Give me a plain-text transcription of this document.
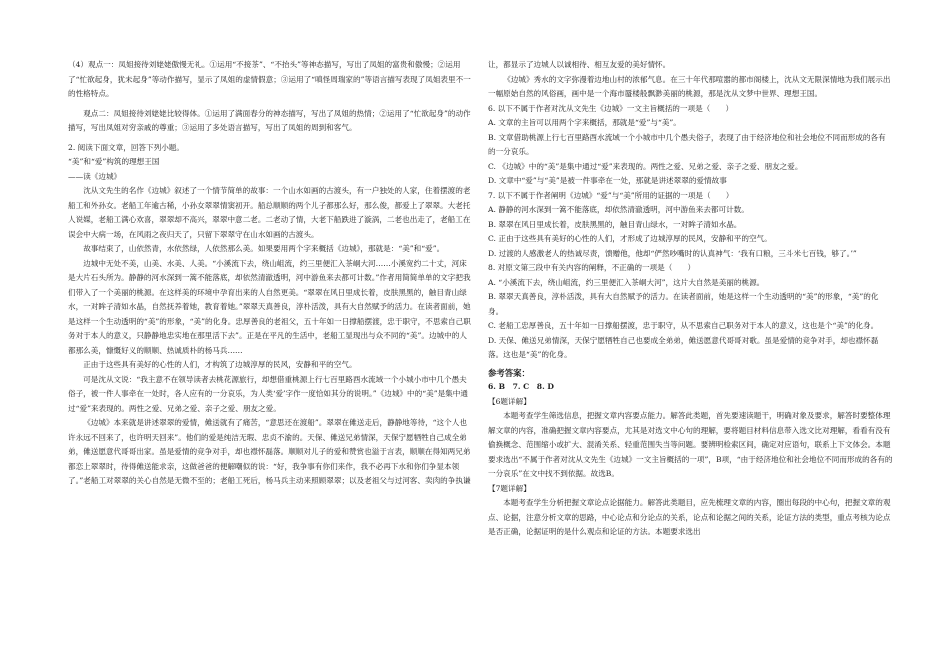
（4）观点一：凤姐接待刘姥姥傲慢无礼。①运用“不接茶”、“不抬头”等神态描写，写出了凤姐的富贵和傲慢；②运用了“忙欲起身，犹未起身”等动作描写，显示了凤姐的虚情假意；③运用了“嗔怪周瑞家的”等语言描写表现了凤姐表里不一的性格特点。

观点二：凤姐接待刘姥姥比较得体。①运用了满面春分的神态描写，写出了凤姐的热情；②运用了“忙欲起身”的动作描写，写出凤姐对穷亲戚的尊重；③运用了多处语言描写，写出了凤姐的周到和客气。

2. 阅读下面文章，回答下列小题。

“美”和“爱”构筑的理想王国

——读《边城》

沈从文先生的名作《边城》叙述了一个情节简单的故事：一个山水如画的古渡头，有一户独处的人家，住着摆渡的老船工和外孙女。老船工年逾古稀，小孙女翠翠情窦初开。船总顺顺的两个儿子都那么好，那么俊，都爱上了翠翠。大老托人说媒，老船工满心欢喜，翠翠却不高兴，翠翠中意二老。二老动了情，大老下船跌进了漩涡，二老也出走了，老船工在误会中大病一场，在风雨之夜归天了，只留下翠翠守在山水如画的古渡头。

故事结束了，山依然青，水依然绿，人依然那么美。如果要用两个字来概括《边城》，那就是：“美”和“爱”。

边城中无处不美，山美、水美、人美。“小溪流下去，绕山岨流，约三里便汇入茶峒大河……小溪宽约二十丈，河床是大片石头所为。静静的河水深到一篙不能落底，却依然清澈透明，河中游鱼来去都可计数。”作者用简简单单的文字把我们带入了一个美丽的桃源。在这样美的环境中孕育出来的人自然更美。“翠翠在风日里成长着，皮肤黑黑的，触目青山绿水，一对眸子清如水晶，自然抚养着她，教育着她。”翠翠天真善良，淳朴活泼，具有大自然赋予的活力。在读者面前，她是这样一个生动透明的“美”的形象，“美”的化身。忠厚善良的老祖父，五十年如一日撑船摆渡，忠于职守，不思索自己职务对于本人的意义，只静静地忠实地在那里活下去”。正是在平凡的生活中，老船工显现出与众不同的“美”。边城中的人都那么美，慷慨好义的顺顺、热诚质朴的杨马兵……

正由于这些具有美好的心性的人们，才构筑了边城淳厚的民风，安静和平的空气。

可是沈从文说：“我主意不在领导读者去桃花源旅行，却想借重桃源上行七百里路酉水流域一个小城小市中几个愚夫俗子，被一件人事牵在一处时，各人应有的一分哀乐，为人类‘爱’字作一度恰如其分的说明。”《边城》中的“美”是集中通过“爱”来表现的。两性之爱、兄弟之爱、亲子之爱、朋友之爱。

《边城》本来就是讲述翠翠的爱情，傩送就有了痛苦，“意思还在渡船”。翠翠在傩送走后，静静地等待，“这个人也许永远不回来了，也许明天回来”。他们的爱是纯洁无瑕、忠贞不渝的。天保、傩送兄弟情深，天保宁愿牺牲自己成全弟弟，傩送愿意代哥哥出家。虽是爱情的竞争对手，却也襟怀磊落。顺顺对儿子的爱和赞赏也溢于言表，顺顺在得知两兄弟都恋上翠翠时，待得傩送能求亲，这做爸爸的便解嘲似的说：“好，我争事有你们来作，我不必再下水和你们争显本领了。”老船工对翠翠的关心自然是无微不至的；老船工死后，杨马兵主动来照顾翠翠；以及老祖父与过河客、卖肉的争执谦

让，都显示了边城人以诚相待、相互友爱的美好情怀。

《边城》秀水的文字弥漫着边地山村的浓郁气息。在三十年代那喧嚣的都市阁楼上，沈从文无限深情地为我们展示出一幅原始自然的风俗画，画中是一个海市蜃楼般飘渺美丽的桃源，那是沈从文梦中世界、理想王国。

6. 以下不属于作者对沈从文先生《边城》一文主旨概括的一项是（　　）

A. 文章的主旨可以用两个字来概括，那就是“爱”与“美”。

B. 文章借助桃源上行七百里路酉水流域一个小城市中几个愚夫俗子，表现了由于经济地位和社会地位不同而形成的各有的一分哀乐。

C. 《边城》中的“美”是集中通过“爱”来表现的。两性之爱、兄弟之爱、亲子之爱、朋友之爱。

D. 文章中“爱”与“美”是被一件事牵在一处，那就是讲述翠翠的爱情故事

7. 以下不属于作者阐明《边城》“爱”与“美”所用的证据的一项是（　　）

A. 静静的河水深到一篙不能落底，却依然清澈透明，河中游鱼来去都可计数。

B. 翠翠在风日里成长着，皮肤黑黑的，触目青山绿水，一对眸子清如水晶。

C. 正由于这些具有美好的心性的人们，才形成了边城淳厚的民风，安静和平的空气。

D. 过渡的人感激老人的热诚尽责，馈赠他，他却“俨然吵嘴时的认真神气：‘我有口粮，三斗米七百钱，够了。’”

8. 对原文第三段中有关内容的阐释，不正确的一项是（　　）

A. “小溪流下去，绕山岨流，约三里便汇入茶峒大河”，这片大自然是美丽的桃源。

B. 翠翠天真善良，淳朴活泼，具有大自然赋予的活力。在读者面前，她是这样一个生动透明的“美”的形象，“美”的化身。

C. 老船工忠厚善良，五十年如一日撑船摆渡，忠于职守，从不思索自己职务对于本人的意义，这也是个“美”的化身。

D. 天保、傩送兄弟情深，天保宁愿牺牲自己也要成全弟弟，傩送愿意代哥哥对歌。虽是爱情的竞争对手，却也襟怀磊落。这也是“美”的化身。

参考答案：

6. B　7. C　8. D

【6题详解】

本题考查学生筛选信息，把握文章内容要点能力。解答此类题，首先要速读题干，明确对象及要求，解答时要整体理解文章的内容，准确把握文章内容要点，尤其是对选文中心句的理解，要将题目材料信息带入选文比对理解，看看有没有偷换概念、范围缩小或扩大、混淆关系、轻重范围失当等问题。要辨明检索区间，确定对应语句，联系上下文体会。本题要求选出“不属于作者对沈从文先生《边城》一文主旨概括的一项”，B项，“由于经济地位和社会地位不同而形成的各有的一分哀乐”在文中找不到依据。故选B。

【7题详解】

本题考查学生分析把握文章论点论据能力。解答此类题目，应先梳理文章的内容，圈出每段的中心句，把握文章的观点、论据，注意分析文章的思路，中心论点和分论点的关系，论点和论据之间的关系，论证方法的类型，重点考核为论点是否正确，论据证明的是什么观点和论证的方法。本题要求选出
